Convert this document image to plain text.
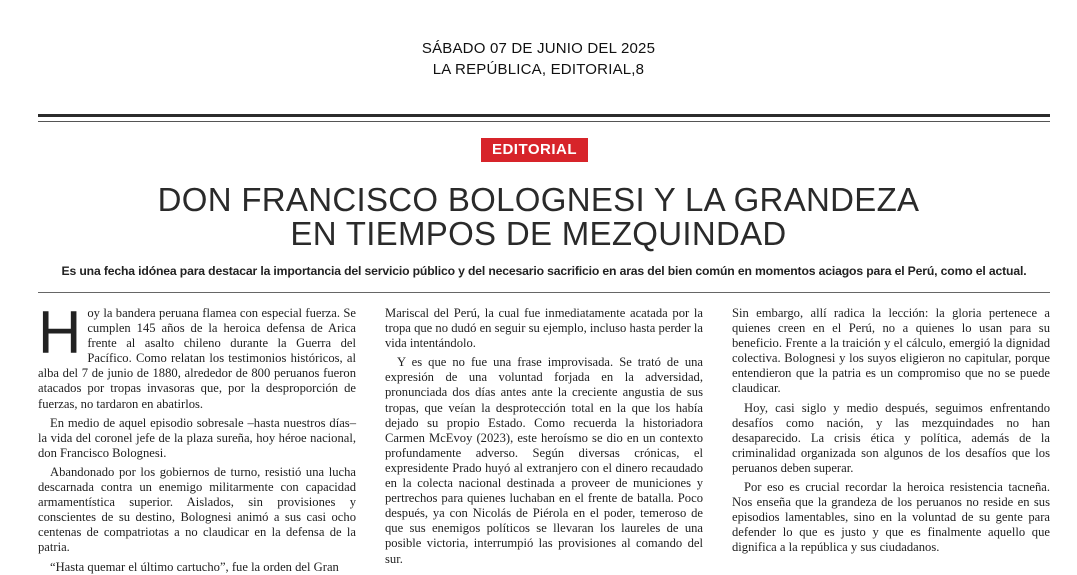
SÁBADO 07 DE JUNIO DEL 2025
LA REPÚBLICA, EDITORIAL,8
EDITORIAL
DON FRANCISCO BOLOGNESI Y LA GRANDEZA
EN TIEMPOS DE MEZQUINDAD
Es una fecha idónea para destacar la importancia del servicio público y del necesario sacrificio en aras del bien común en momentos aciagos para el Perú, como el actual.

Hoy la bandera peruana flamea con especial fuerza. Se cumplen 145 años de la heroica defensa de Arica frente al asalto chileno durante la Guerra del Pacífico. Como relatan los testimonios históricos, al alba del 7 de junio de 1880, alrededor de 800 peruanos fueron atacados por tropas invasoras que, por la desproporción de fuerzas, no tardaron en abatirlos.

En medio de aquel episodio sobresale –hasta nuestros días– la vida del coronel jefe de la plaza sureña, hoy héroe nacional, don Francisco Bolognesi.

Abandonado por los gobiernos de turno, resistió una lucha descarnada contra un enemigo militarmente con capacidad armamentística superior. Aislados, sin provisiones y conscientes de su destino, Bolognesi animó a sus casi ocho centenas de compatriotas a no claudicar en la defensa de la patria.

“Hasta quemar el último cartucho”, fue la orden del Gran

Mariscal del Perú, la cual fue inmediatamente acatada por la tropa que no dudó en seguir su ejemplo, incluso hasta perder la vida intentándolo.

Y es que no fue una frase improvisada. Se trató de una expresión de una voluntad forjada en la adversidad, pronunciada dos días antes ante la creciente angustia de sus tropas, que veían la desprotección total en la que los había dejado su propio Estado. Como recuerda la historiadora Carmen McEvoy (2023), este heroísmo se dio en un contexto profundamente adverso. Según diversas crónicas, el expresidente Prado huyó al extranjero con el dinero recaudado en la colecta nacional destinada a proveer de municiones y pertrechos para quienes luchaban en el frente de batalla. Poco después, ya con Nicolás de Piérola en el poder, temeroso de que sus enemigos políticos se llevaran los laureles de una posible victoria, interrumpió las provisiones al comando del sur.

Sin embargo, allí radica la lección: la gloria pertenece a quienes creen en el Perú, no a quienes lo usan para su beneficio. Frente a la traición y el cálculo, emergió la dignidad colectiva. Bolognesi y los suyos eligieron no capitular, porque entendieron que la patria es un compromiso que no se puede claudicar.

Hoy, casi siglo y medio después, seguimos enfrentando desafíos como nación, y las mezquindades no han desaparecido. La crisis ética y política, además de la criminalidad organizada son algunos de los desafíos que los peruanos deben superar.

Por eso es crucial recordar la heroica resistencia tacneña. Nos enseña que la grandeza de los peruanos no reside en sus episodios lamentables, sino en la voluntad de su gente para defender lo que es justo y que es finalmente aquello que dignifica a la república y sus ciudadanos.
